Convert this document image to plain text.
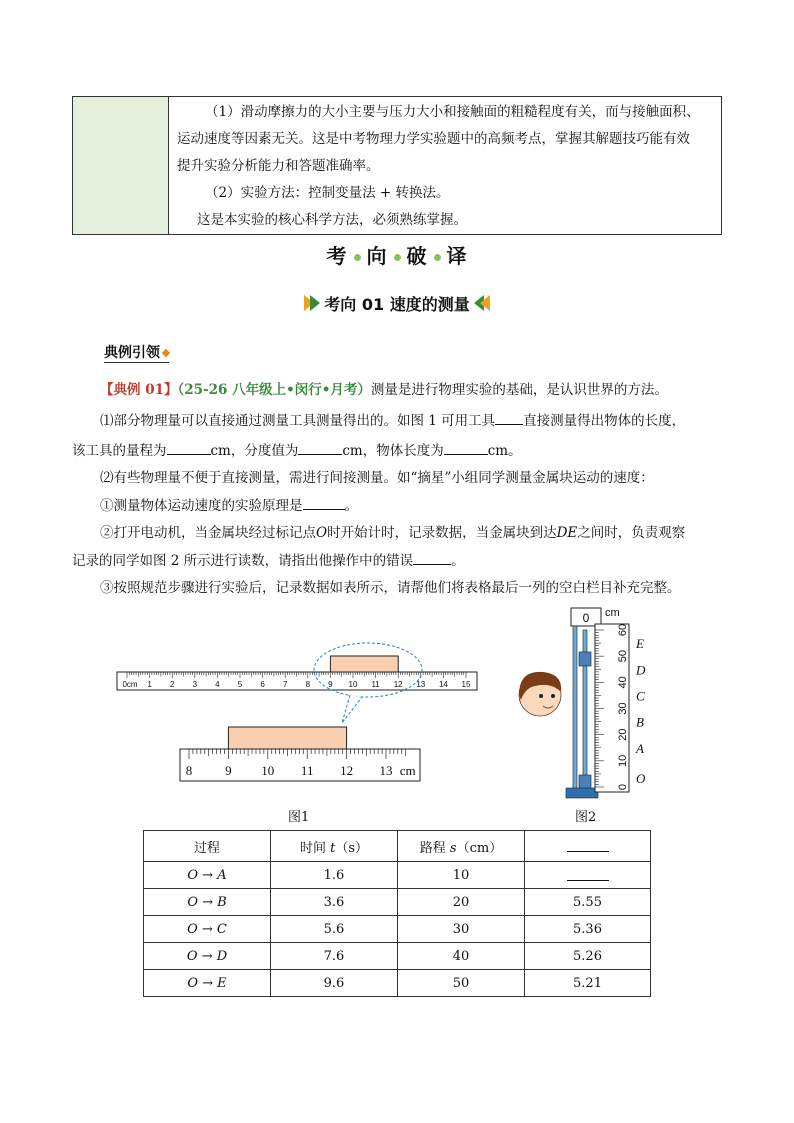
（1）滑动摩擦力的大小主要与压力大小和接触面的粗糙程度有关，而与接触面积、
运动速度等因素无关。这是中考物理力学实验题中的高频考点，掌握其解题技巧能有效
提升实验分析能力和答题准确率。
（2）实验方法：控制变量法 + 转换法。
这是本实验的核心科学方法，必须熟练掌握。
考 向 破 译
考向 01 速度的测量
典例引领
【典例 01】（25-26 八年级上•闵行•月考）测量是进行物理实验的基础，是认识世界的方法。
⑴部分物理量可以直接通过测量工具测量得出的。如图 1 可用工具 直接测量得出物体的长度，
该工具的量程为	cm，分度值为	cm，物体长度为	cm。
⑵有些物理量不便于直接测量，需进行间接测量。如“摘星”小组同学测量金属块运动的速度：
①测量物体运动速度的实验原理是	。
②打开电动机，当金属块经过标记点O时开始计时，记录数据，当金属块到达DE之间时，负责观察
记录的同学如图 2 所示进行读数，请指出他操作中的错误	。
③按照规范步骤进行实验后，记录数据如表所示，请帮他们将表格最后一列的空白栏目补充完整。
0cm 1 2 3 4 5 6 7 8 9 10 11 12 13 14 15
8	9 10 11 12 13 cm
图1
0
60
50
40
30
20
10
0
cm
E
D
C
B
A
O
图2
过程	时间 t（s）	路程 s（cm）	
O → A	1.6	10	
O → B	3.6	20	5.55
O → C	5.6	30	5.36
O → D	7.6	40	5.26
O → E	9.6	50	5.21
